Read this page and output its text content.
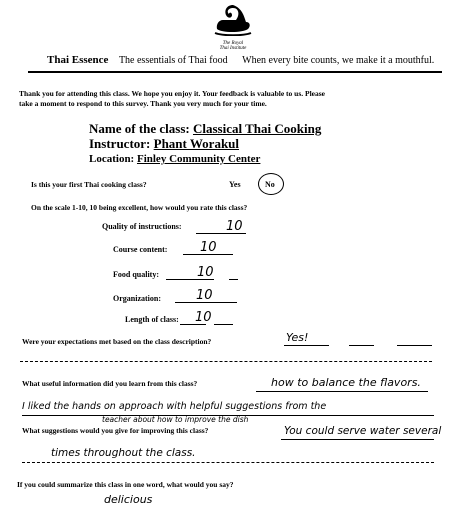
The Royal
Thai Institute
Thai Essence The essentials of Thai food When every bite counts, we make it a mouthful.
Thank you for attending this class. We hope you enjoy it. Your feedback is valuable to us. Please
take a moment to respond to this survey. Thank you very much for your time.
Name of the class: Classical Thai Cooking
Instructor: Phant Worakul
Location: Finley Community Center
Is this your first Thai cooking class?	Yes	No
On the scale 1-10, 10 being excellent, how would you rate this class?
Quality of instructions:	10
Course content:	10
Food quality:	10
Organization:	10
Length of class: 10
Were your expectations met based on the class description?	Yes!
What useful information did you learn from this class?	how to balance the flavors.
I liked the hands on approach with helpful suggestions from the
teacher about how to improve the dish
What suggestions would you give for improving this class?	You could serve water several
times throughout the class.
If you could summarize this class in one word, what would you say?
delicious
